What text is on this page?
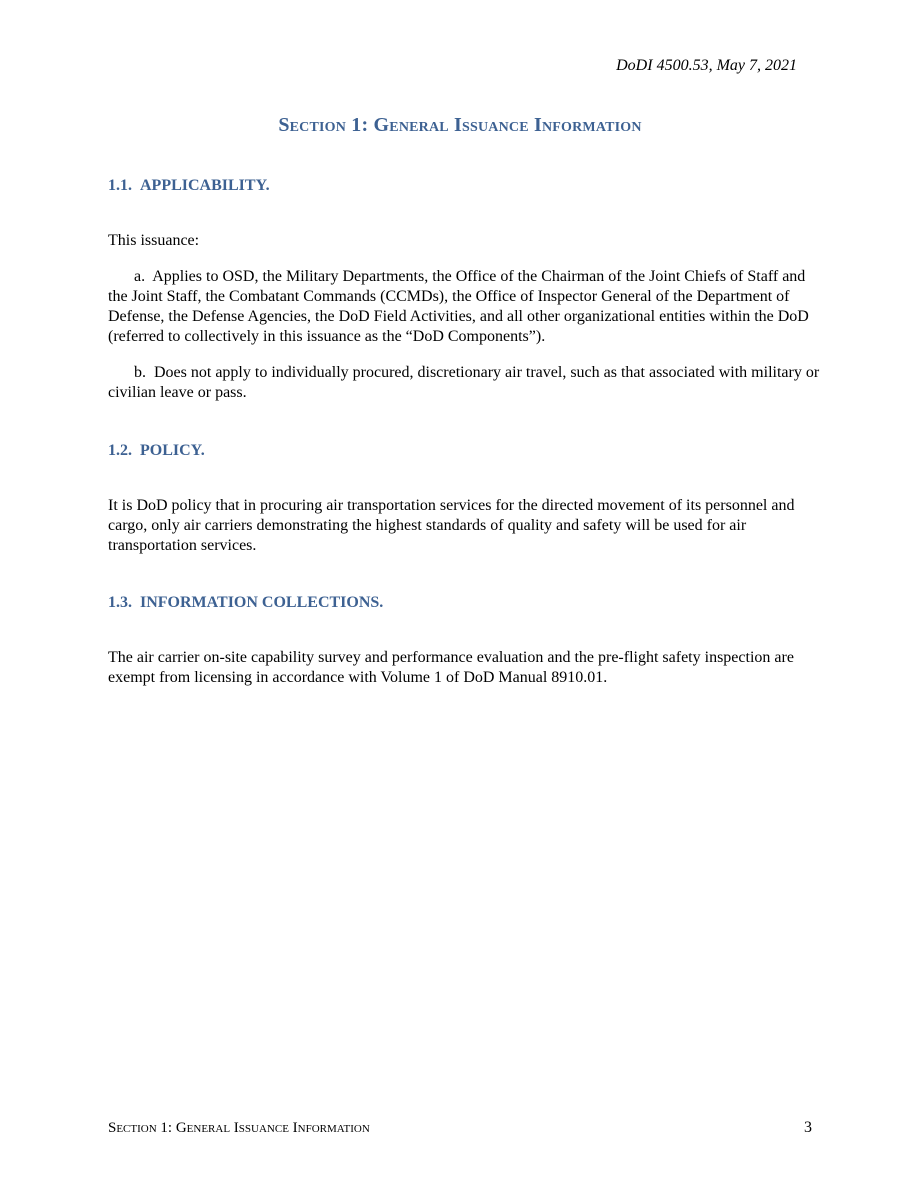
DoDI 4500.53, May 7, 2021
Section 1: General Issuance Information
1.1. APPLICABILITY.

This issuance:

a. Applies to OSD, the Military Departments, the Office of the Chairman of the Joint Chiefs of Staff and the Joint Staff, the Combatant Commands (CCMDs), the Office of Inspector General of the Department of Defense, the Defense Agencies, the DoD Field Activities, and all other organizational entities within the DoD (referred to collectively in this issuance as the “DoD Components”).

b. Does not apply to individually procured, discretionary air travel, such as that associated with military or civilian leave or pass.

1.2. POLICY.

It is DoD policy that in procuring air transportation services for the directed movement of its personnel and cargo, only air carriers demonstrating the highest standards of quality and safety will be used for air transportation services.

1.3. INFORMATION COLLECTIONS.

The air carrier on-site capability survey and performance evaluation and the pre-flight safety inspection are exempt from licensing in accordance with Volume 1 of DoD Manual 8910.01.

Section 1: General Issuance Information	3
